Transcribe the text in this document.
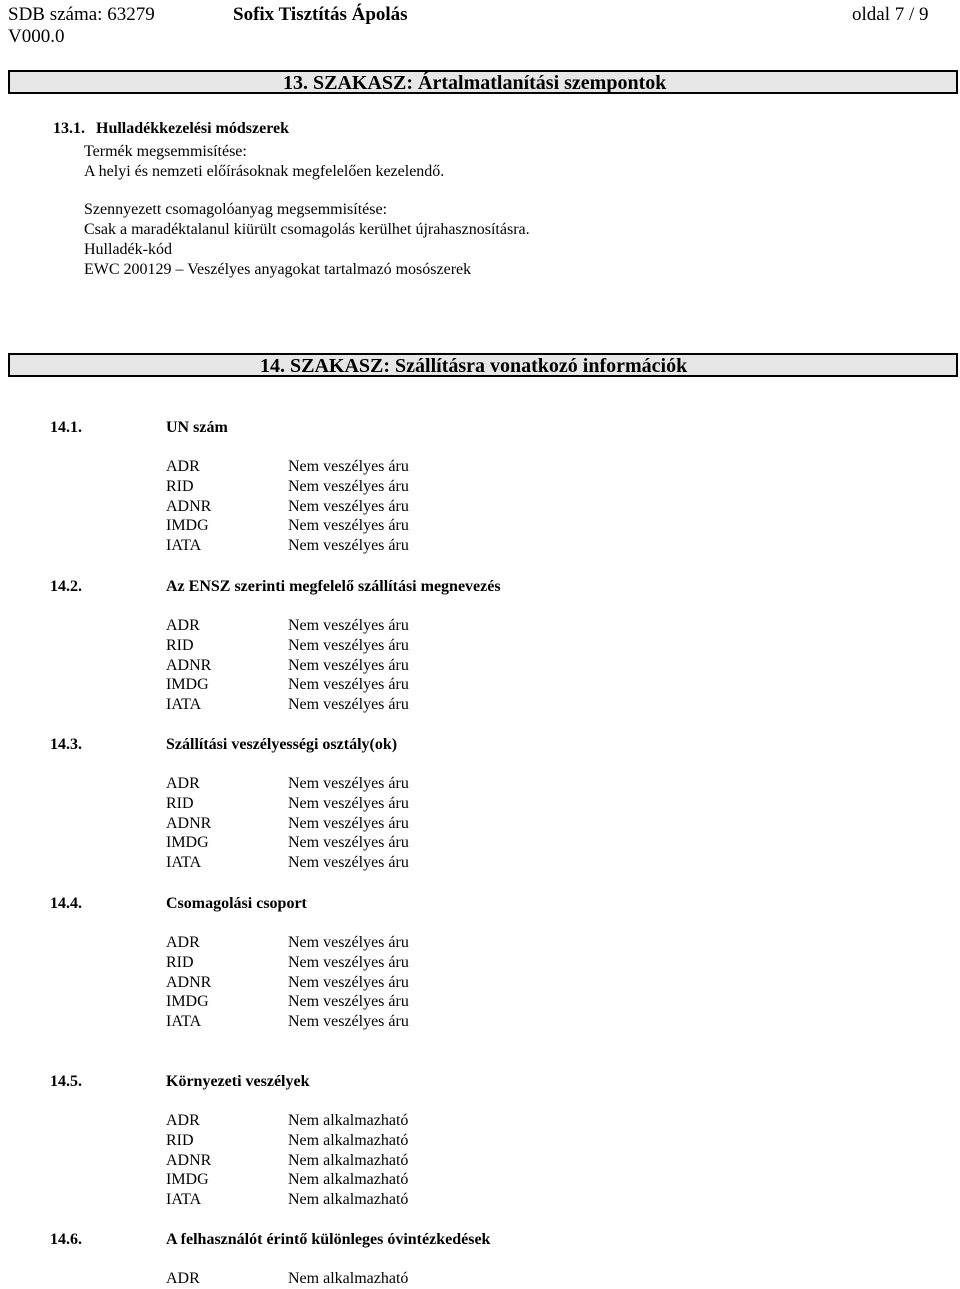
SDB száma: 63279
V000.0
Sofix Tisztítás Ápolás	oldal 7 / 9
13. SZAKASZ: Ártalmatlanítási szempontok
13.1. Hulladékkezelési módszerek
Termék megsemmisítése:
A helyi és nemzeti előírásoknak megfelelően kezelendő.
Szennyezett csomagolóanyag megsemmisítése:
Csak a maradéktalanul kiürült csomagolás kerülhet újrahasznosításra.
Hulladék-kód
EWC 200129 – Veszélyes anyagokat tartalmazó mosószerek
14. SZAKASZ: Szállításra vonatkozó információk
14.1.	UN szám
ADR	Nem veszélyes áru
RID	Nem veszélyes áru
ADNR	Nem veszélyes áru
IMDG	Nem veszélyes áru
IATA	Nem veszélyes áru
14.2.	Az ENSZ szerinti megfelelő szállítási megnevezés
ADR	Nem veszélyes áru
RID	Nem veszélyes áru
ADNR	Nem veszélyes áru
IMDG	Nem veszélyes áru
IATA	Nem veszélyes áru
14.3.	Szállítási veszélyességi osztály(ok)
ADR	Nem veszélyes áru
RID	Nem veszélyes áru
ADNR	Nem veszélyes áru
IMDG	Nem veszélyes áru
IATA	Nem veszélyes áru
14.4.	Csomagolási csoport
ADR	Nem veszélyes áru
RID	Nem veszélyes áru
ADNR	Nem veszélyes áru
IMDG	Nem veszélyes áru
IATA	Nem veszélyes áru
14.5.	Környezeti veszélyek
ADR	Nem alkalmazható
RID	Nem alkalmazható
ADNR	Nem alkalmazható
IMDG	Nem alkalmazható
IATA	Nem alkalmazható
14.6.	A felhasználót érintő különleges óvintézkedések
ADR	Nem alkalmazható
